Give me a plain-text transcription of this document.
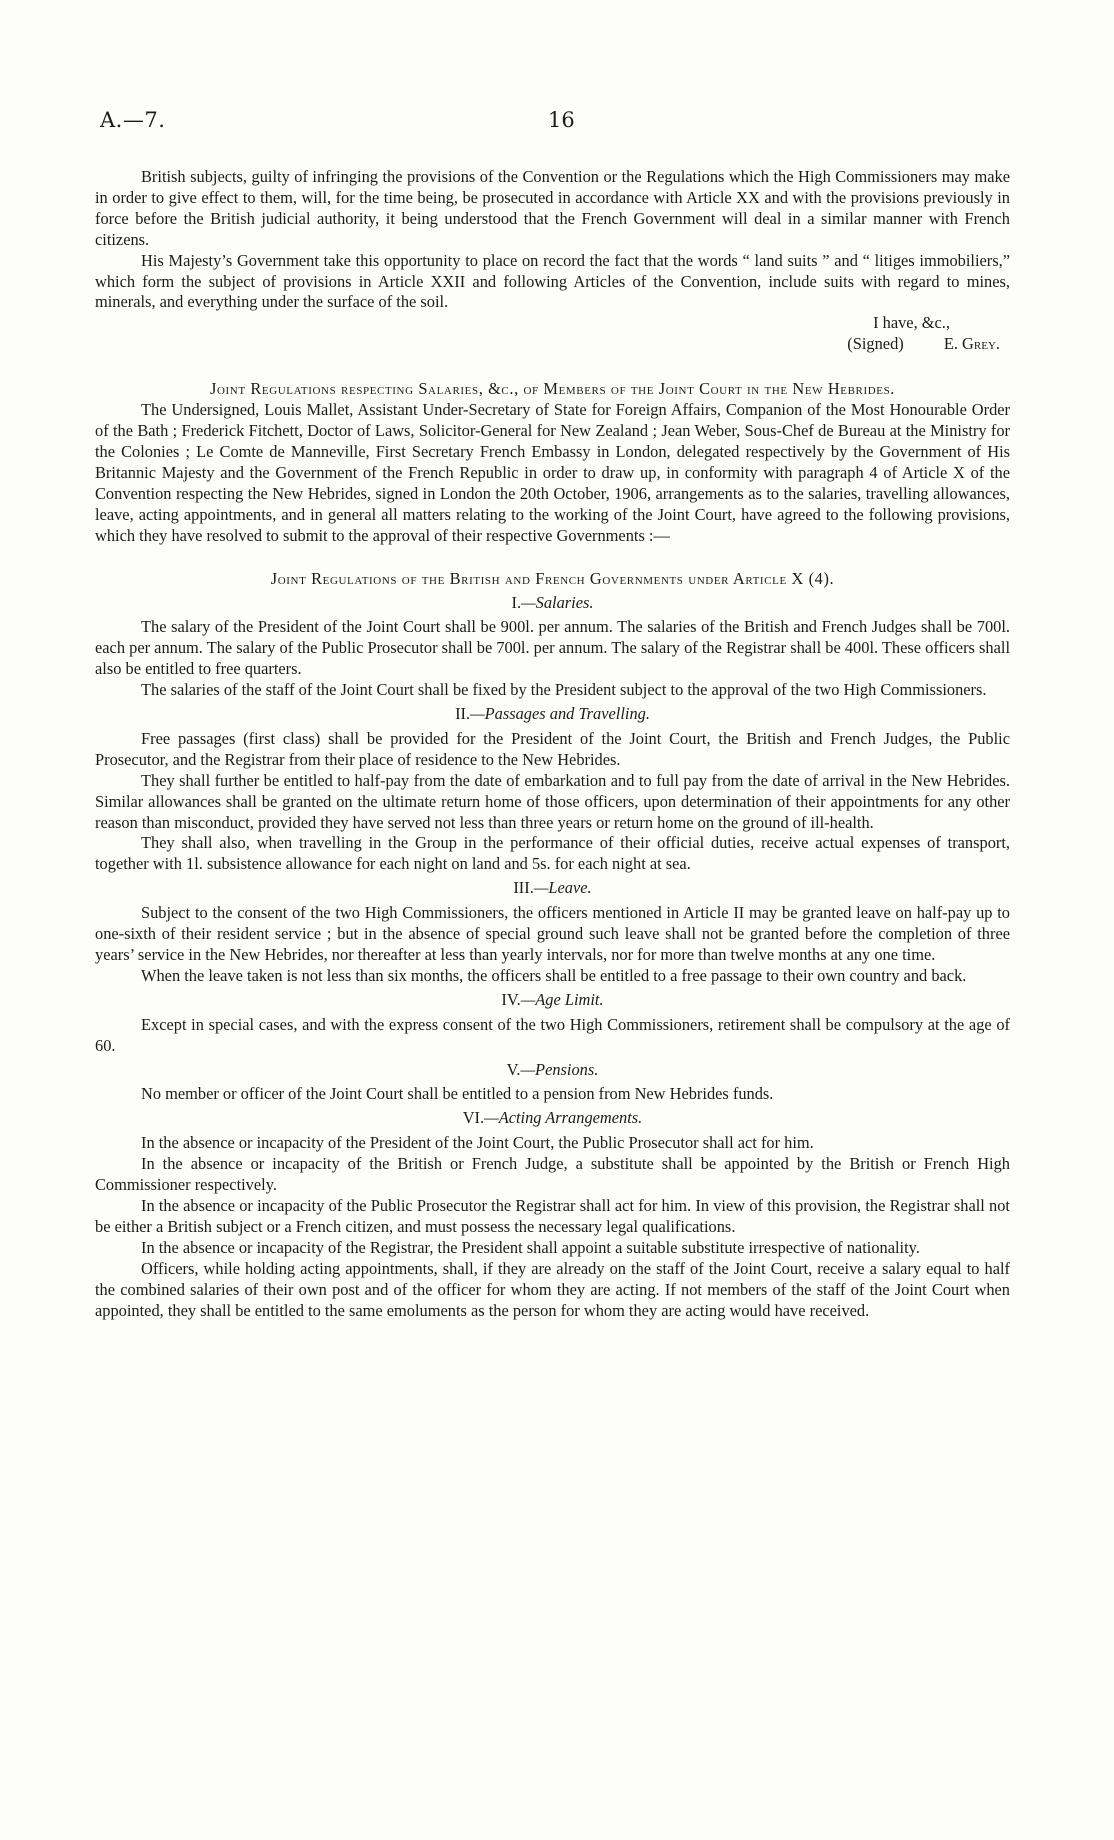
A.—7.	16

British subjects, guilty of infringing the provisions of the Convention or the Regulations which the High Commissioners may make in order to give effect to them, will, for the time being, be prosecuted in accordance with Article XX and with the provisions previously in force before the British judicial authority, it being understood that the French Government will deal in a similar manner with French citizens.

His Majesty’s Government take this opportunity to place on record the fact that the words “ land suits ” and “ litiges immobiliers,” which form the subject of provisions in Article XXII and following Articles of the Convention, include suits with regard to mines, minerals, and everything under the surface of the soil.

I have, &c.,
(Signed) E. Grey.

Joint Regulations respecting Salaries, &c., of Members of the Joint Court in the New Hebrides.

The Undersigned, Louis Mallet, Assistant Under-Secretary of State for Foreign Affairs, Companion of the Most Honourable Order of the Bath ; Frederick Fitchett, Doctor of Laws, Solicitor-General for New Zealand ; Jean Weber, Sous-Chef de Bureau at the Ministry for the Colonies ; Le Comte de Manneville, First Secretary French Embassy in London, delegated respectively by the Government of His Britannic Majesty and the Government of the French Republic in order to draw up, in conformity with paragraph 4 of Article X of the Convention respecting the New Hebrides, signed in London the 20th October, 1906, arrangements as to the salaries, travelling allowances, leave, acting appointments, and in general all matters relating to the working of the Joint Court, have agreed to the following provisions, which they have resolved to submit to the approval of their respective Governments :—

Joint Regulations of the British and French Governments under Article X (4).

I.—Salaries.

The salary of the President of the Joint Court shall be 900l. per annum. The salaries of the British and French Judges shall be 700l. each per annum. The salary of the Public Prosecutor shall be 700l. per annum. The salary of the Registrar shall be 400l. These officers shall also be entitled to free quarters.

The salaries of the staff of the Joint Court shall be fixed by the President subject to the approval of the two High Commissioners.

II.—Passages and Travelling.

Free passages (first class) shall be provided for the President of the Joint Court, the British and French Judges, the Public Prosecutor, and the Registrar from their place of residence to the New Hebrides.

They shall further be entitled to half-pay from the date of embarkation and to full pay from the date of arrival in the New Hebrides. Similar allowances shall be granted on the ultimate return home of those officers, upon determination of their appointments for any other reason than misconduct, provided they have served not less than three years or return home on the ground of ill-health.

They shall also, when travelling in the Group in the performance of their official duties, receive actual expenses of transport, together with 1l. subsistence allowance for each night on land and 5s. for each night at sea.

III.—Leave.

Subject to the consent of the two High Commissioners, the officers mentioned in Article II may be granted leave on half-pay up to one-sixth of their resident service ; but in the absence of special ground such leave shall not be granted before the completion of three years’ service in the New Hebrides, nor thereafter at less than yearly intervals, nor for more than twelve months at any one time.

When the leave taken is not less than six months, the officers shall be entitled to a free passage to their own country and back.

IV.—Age Limit.

Except in special cases, and with the express consent of the two High Commissioners, retirement shall be compulsory at the age of 60.

V.—Pensions.

No member or officer of the Joint Court shall be entitled to a pension from New Hebrides funds.

VI.—Acting Arrangements.

In the absence or incapacity of the President of the Joint Court, the Public Prosecutor shall act for him.

In the absence or incapacity of the British or French Judge, a substitute shall be appointed by the British or French High Commissioner respectively.

In the absence or incapacity of the Public Prosecutor the Registrar shall act for him. In view of this provision, the Registrar shall not be either a British subject or a French citizen, and must possess the necessary legal qualifications.

In the absence or incapacity of the Registrar, the President shall appoint a suitable substitute irrespective of nationality.

Officers, while holding acting appointments, shall, if they are already on the staff of the Joint Court, receive a salary equal to half the combined salaries of their own post and of the officer for whom they are acting. If not members of the staff of the Joint Court when appointed, they shall be entitled to the same emoluments as the person for whom they are acting would have received.
